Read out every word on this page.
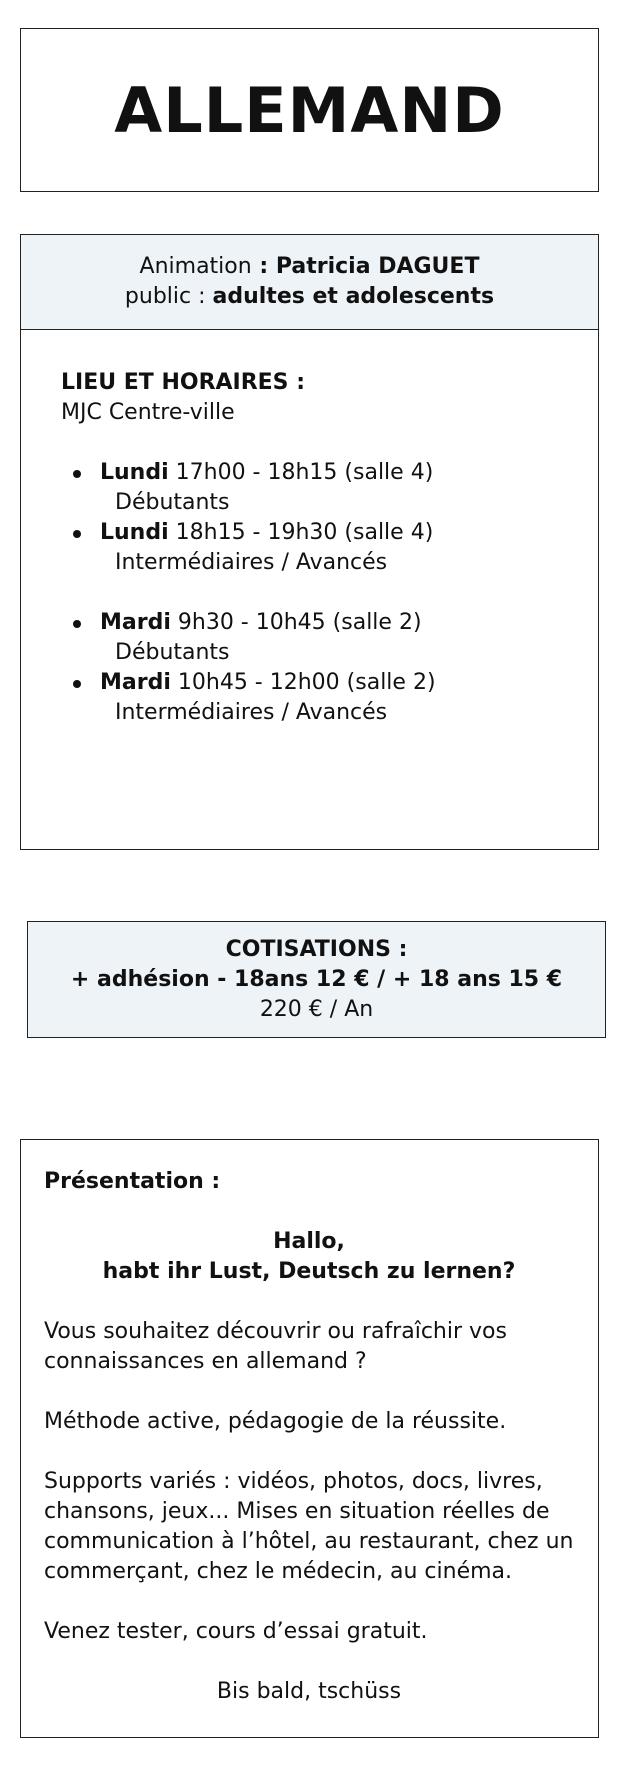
ALLEMAND
Animation : Patricia DAGUET
public : adultes et adolescents
LIEU ET HORAIRES :
MJC Centre-ville
Lundi 17h00 - 18h15 (salle 4)
Débutants
Lundi 18h15 - 19h30 (salle 4)
Intermédiaires / Avancés
Mardi 9h30 - 10h45 (salle 2)
Débutants
Mardi 10h45 - 12h00 (salle 2)
Intermédiaires / Avancés
COTISATIONS :
+ adhésion - 18ans 12 € / + 18 ans 15 €
220 € / An
Présentation :
Hallo,
habt ihr Lust, Deutsch zu lernen?
Vous souhaitez découvrir ou rafraîchir vos connaissances en allemand ?
Méthode active, pédagogie de la réussite.
Supports variés : vidéos, photos, docs, livres, chansons, jeux... Mises en situation réelles de communication à l’hôtel, au restaurant, chez un commerçant, chez le médecin, au cinéma.
Venez tester, cours d’essai gratuit.
Bis bald, tschüss
